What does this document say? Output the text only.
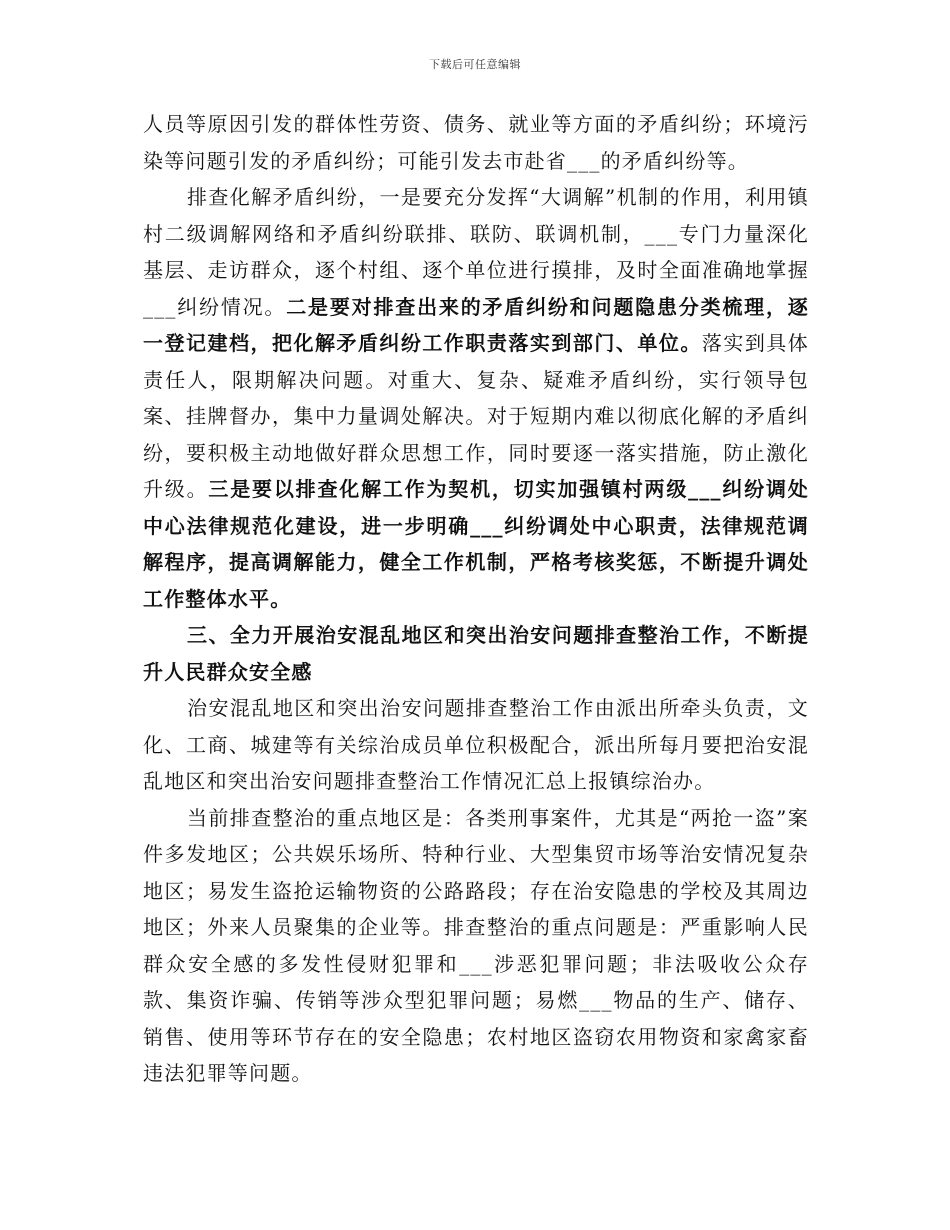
下载后可任意编辑

人员等原因引发的群体性劳资、债务、就业等方面的矛盾纠纷；环境污染等问题引发的矛盾纠纷；可能引发去市赴省___的矛盾纠纷等。

排查化解矛盾纠纷，一是要充分发挥“大调解”机制的作用，利用镇村二级调解网络和矛盾纠纷联排、联防、联调机制，___专门力量深化基层、走访群众，逐个村组、逐个单位进行摸排，及时全面准确地掌握___纠纷情况。二是要对排查出来的矛盾纠纷和问题隐患分类梳理，逐一登记建档，把化解矛盾纠纷工作职责落实到部门、单位。落实到具体责任人，限期解决问题。对重大、复杂、疑难矛盾纠纷，实行领导包案、挂牌督办，集中力量调处解决。对于短期内难以彻底化解的矛盾纠纷，要积极主动地做好群众思想工作，同时要逐一落实措施，防止激化升级。三是要以排查化解工作为契机，切实加强镇村两级___纠纷调处中心法律规范化建设，进一步明确___纠纷调处中心职责，法律规范调解程序，提高调解能力，健全工作机制，严格考核奖惩，不断提升调处工作整体水平。

三、全力开展治安混乱地区和突出治安问题排查整治工作，不断提升人民群众安全感

治安混乱地区和突出治安问题排查整治工作由派出所牵头负责，文化、工商、城建等有关综治成员单位积极配合，派出所每月要把治安混乱地区和突出治安问题排查整治工作情况汇总上报镇综治办。

当前排查整治的重点地区是：各类刑事案件，尤其是“两抢一盗”案件多发地区；公共娱乐场所、特种行业、大型集贸市场等治安情况复杂地区；易发生盗抢运输物资的公路路段；存在治安隐患的学校及其周边地区；外来人员聚集的企业等。排查整治的重点问题是：严重影响人民群众安全感的多发性侵财犯罪和___涉恶犯罪问题；非法吸收公众存款、集资诈骗、传销等涉众型犯罪问题；易燃___物品的生产、储存、销售、使用等环节存在的安全隐患；农村地区盗窃农用物资和家禽家畜违法犯罪等问题。
